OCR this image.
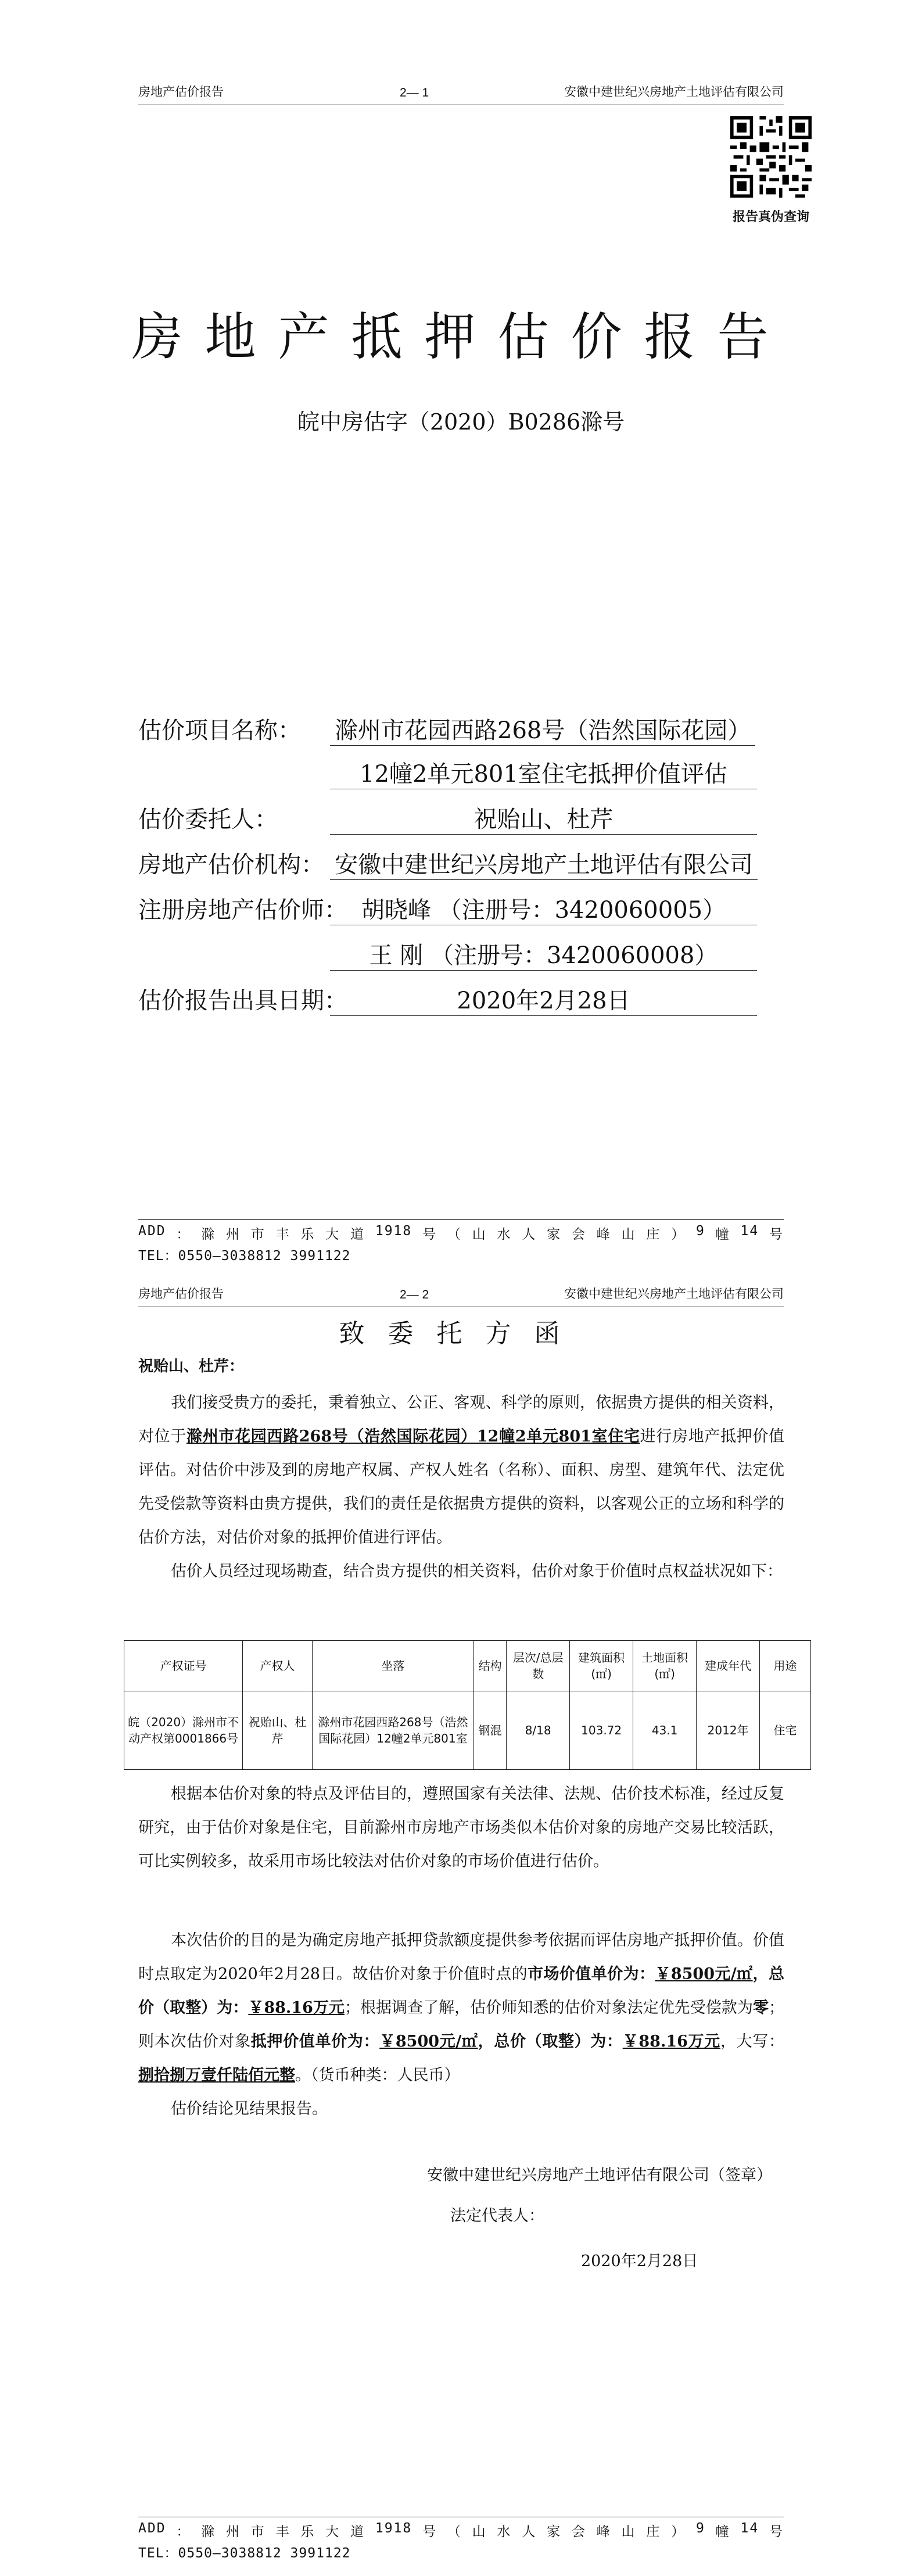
房地产估价报告	2— 1	安徽中建世纪兴房地产土地评估有限公司
报告真伪查询
房地产抵押估价报告
皖中房估字（2020）B0286滁号
估价项目名称： 滁州市花园西路268号（浩然国际花园）
12幢2单元801室住宅抵押价值评估
估价委托人：	祝贻山、杜芹
房地产估价机构： 安徽中建世纪兴房地产土地评估有限公司
注册房地产估价师： 胡晓峰 （注册号：3420060005）
王 刚 （注册号：3420060008）
估价报告出具日期：	2020年2月28日
ADD ： 滁 州 市 丰 乐 大 道 1918 号 （ 山 水 人 家 会 峰 山 庄 ） 9 幢 14 号
TEL：0550—3038812 3991122
房地产估价报告	2— 2	安徽中建世纪兴房地产土地评估有限公司
致委托方函
祝贻山、杜芹：
我们接受贵方的委托，秉着独立、公正、客观、科学的原则，依据贵方提供的相关资料，对位于滁州市花园西路268号（浩然国际花园）12幢2单元801室住宅进行房地产抵押价值评估。对估价中涉及到的房地产权属、产权人姓名（名称）、面积、房型、建筑年代、法定优先受偿款等资料由贵方提供，我们的责任是依据贵方提供的资料，以客观公正的立场和科学的估价方法，对估价对象的抵押价值进行评估。
估价人员经过现场勘查，结合贵方提供的相关资料，估价对象于价值时点权益状况如下：
产权证号	产权人	坐落	结构	层次/总层数	建筑面积(㎡)	土地面积(㎡)	建成年代	用途
皖（2020）滁州市不动产权第0001866号	祝贻山、杜芹	滁州市花园西路268号（浩然国际花园）12幢2单元801室	钢混	8/18	103.72	43.1	2012年	住宅
根据本估价对象的特点及评估目的，遵照国家有关法律、法规、估价技术标准，经过反复研究，由于估价对象是住宅，目前滁州市房地产市场类似本估价对象的房地产交易比较活跃，可比实例较多，故采用市场比较法对估价对象的市场价值进行估价。
本次估价的目的是为确定房地产抵押贷款额度提供参考依据而评估房地产抵押价值。价值时点取定为2020年2月28日。故估价对象于价值时点的市场价值单价为：￥8500元/㎡，总价（取整）为：￥88.16万元；根据调查了解，估价师知悉的估价对象法定优先受偿款为零；则本次估价对象抵押价值单价为：￥8500元/㎡，总价（取整）为：￥88.16万元，大写：捌拾捌万壹仟陆佰元整。（货币种类：人民币）
估价结论见结果报告。
安徽中建世纪兴房地产土地评估有限公司（签章）
法定代表人：
2020年2月28日
ADD ： 滁 州 市 丰 乐 大 道 1918 号 （ 山 水 人 家 会 峰 山 庄 ） 9 幢 14 号
TEL：0550—3038812 3991122
